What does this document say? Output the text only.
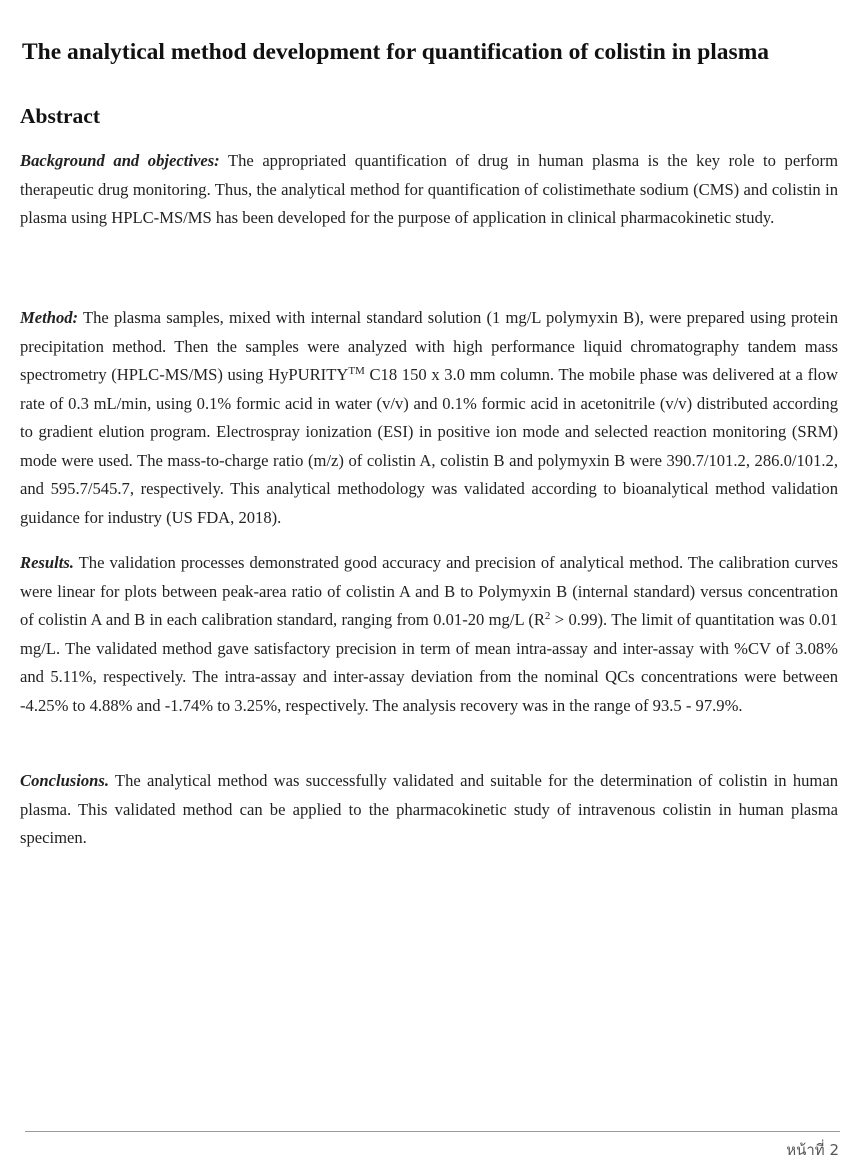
The analytical method development for quantification of colistin in plasma
Abstract

Background and objectives: The appropriated quantification of drug in human plasma is the key role to perform therapeutic drug monitoring. Thus, the analytical method for quantification of colistimethate sodium (CMS) and colistin in plasma using HPLC-MS/MS has been developed for the purpose of application in clinical pharmacokinetic study.

Method: The plasma samples, mixed with internal standard solution (1 mg/L polymyxin B), were prepared using protein precipitation method. Then the samples were analyzed with high performance liquid chromatography tandem mass spectrometry (HPLC-MS/MS) using HyPURITY™ C18 150 x 3.0 mm column. The mobile phase was delivered at a flow rate of 0.3 mL/min, using 0.1% formic acid in water (v/v) and 0.1% formic acid in acetonitrile (v/v) distributed according to gradient elution program. Electrospray ionization (ESI) in positive ion mode and selected reaction monitoring (SRM) mode were used. The mass-to-charge ratio (m/z) of colistin A, colistin B and polymyxin B were 390.7/101.2, 286.0/101.2, and 595.7/545.7, respectively. This analytical methodology was validated according to bioanalytical method validation guidance for industry (US FDA, 2018).

Results. The validation processes demonstrated good accuracy and precision of analytical method. The calibration curves were linear for plots between peak-area ratio of colistin A and B to Polymyxin B (internal standard) versus concentration of colistin A and B in each calibration standard, ranging from 0.01-20 mg/L $(R^2 > 0.99)$. The limit of quantitation was 0.01 mg/L. The validated method gave satisfactory precision in term of mean intra-assay and inter-assay with %CV of 3.08% and 5.11%, respectively. The intra-assay and inter-assay deviation from the nominal QCs concentrations were between -4.25% to 4.88% and -1.74% to 3.25%, respectively. The analysis recovery was in the range of 93.5 - 97.9%.

Conclusions. The analytical method was successfully validated and suitable for the determination of colistin in human plasma. This validated method can be applied to the pharmacokinetic study of intravenous colistin in human plasma specimen.

หน้าที่ 2
